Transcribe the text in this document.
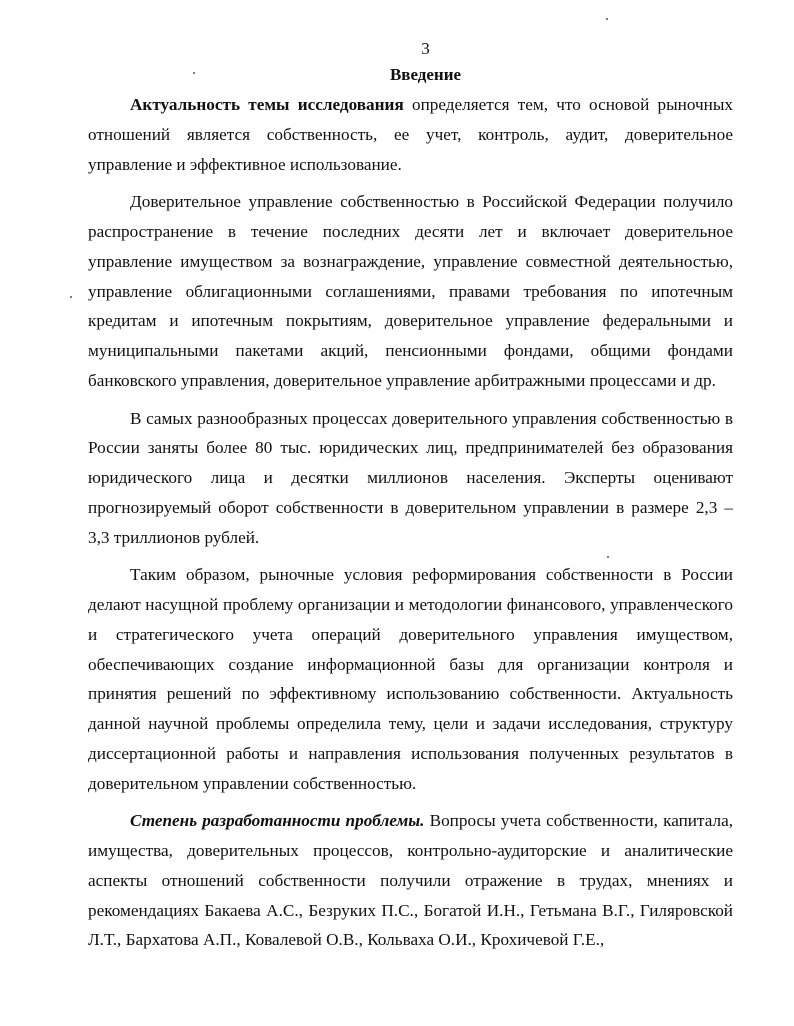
3

Введение

Актуальность темы исследования определяется тем, что основой рыночных отношений является собственность, ее учет, контроль, аудит, доверительное управление и эффективное использование.

Доверительное управление собственностью в Российской Федерации получило распространение в течение последних десяти лет и включает доверительное управление имуществом за вознаграждение, управление совместной деятельностью, управление облигационными соглашениями, правами требования по ипотечным кредитам и ипотечным покрытиям, доверительное управление федеральными и муниципальными пакетами акций, пенсионными фондами, общими фондами банковского управления, доверительное управление арбитражными процессами и др.

В самых разнообразных процессах доверительного управления собственностью в России заняты более 80 тыс. юридических лиц, предпринимателей без образования юридического лица и десятки миллионов населения. Эксперты оценивают прогнозируемый оборот собственности в доверительном управлении в размере 2,3 – 3,3 триллионов рублей.

Таким образом, рыночные условия реформирования собственности в России делают насущной проблему организации и методологии финансового, управленческого и стратегического учета операций доверительного управления имуществом, обеспечивающих создание информационной базы для организации контроля и принятия решений по эффективному использованию собственности. Актуальность данной научной проблемы определила тему, цели и задачи исследования, структуру диссертационной работы и направления использования полученных результатов в доверительном управлении собственностью.

Степень разработанности проблемы. Вопросы учета собственности, капитала, имущества, доверительных процессов, контрольно-аудиторские и аналитические аспекты отношений собственности получили отражение в трудах, мнениях и рекомендациях Бакаева А.С., Безруких П.С., Богатой И.Н., Гетьмана В.Г., Гиляровской Л.Т., Бархатова А.П., Ковалевой О.В., Кольваха О.И., Крохичевой Г.Е.,
